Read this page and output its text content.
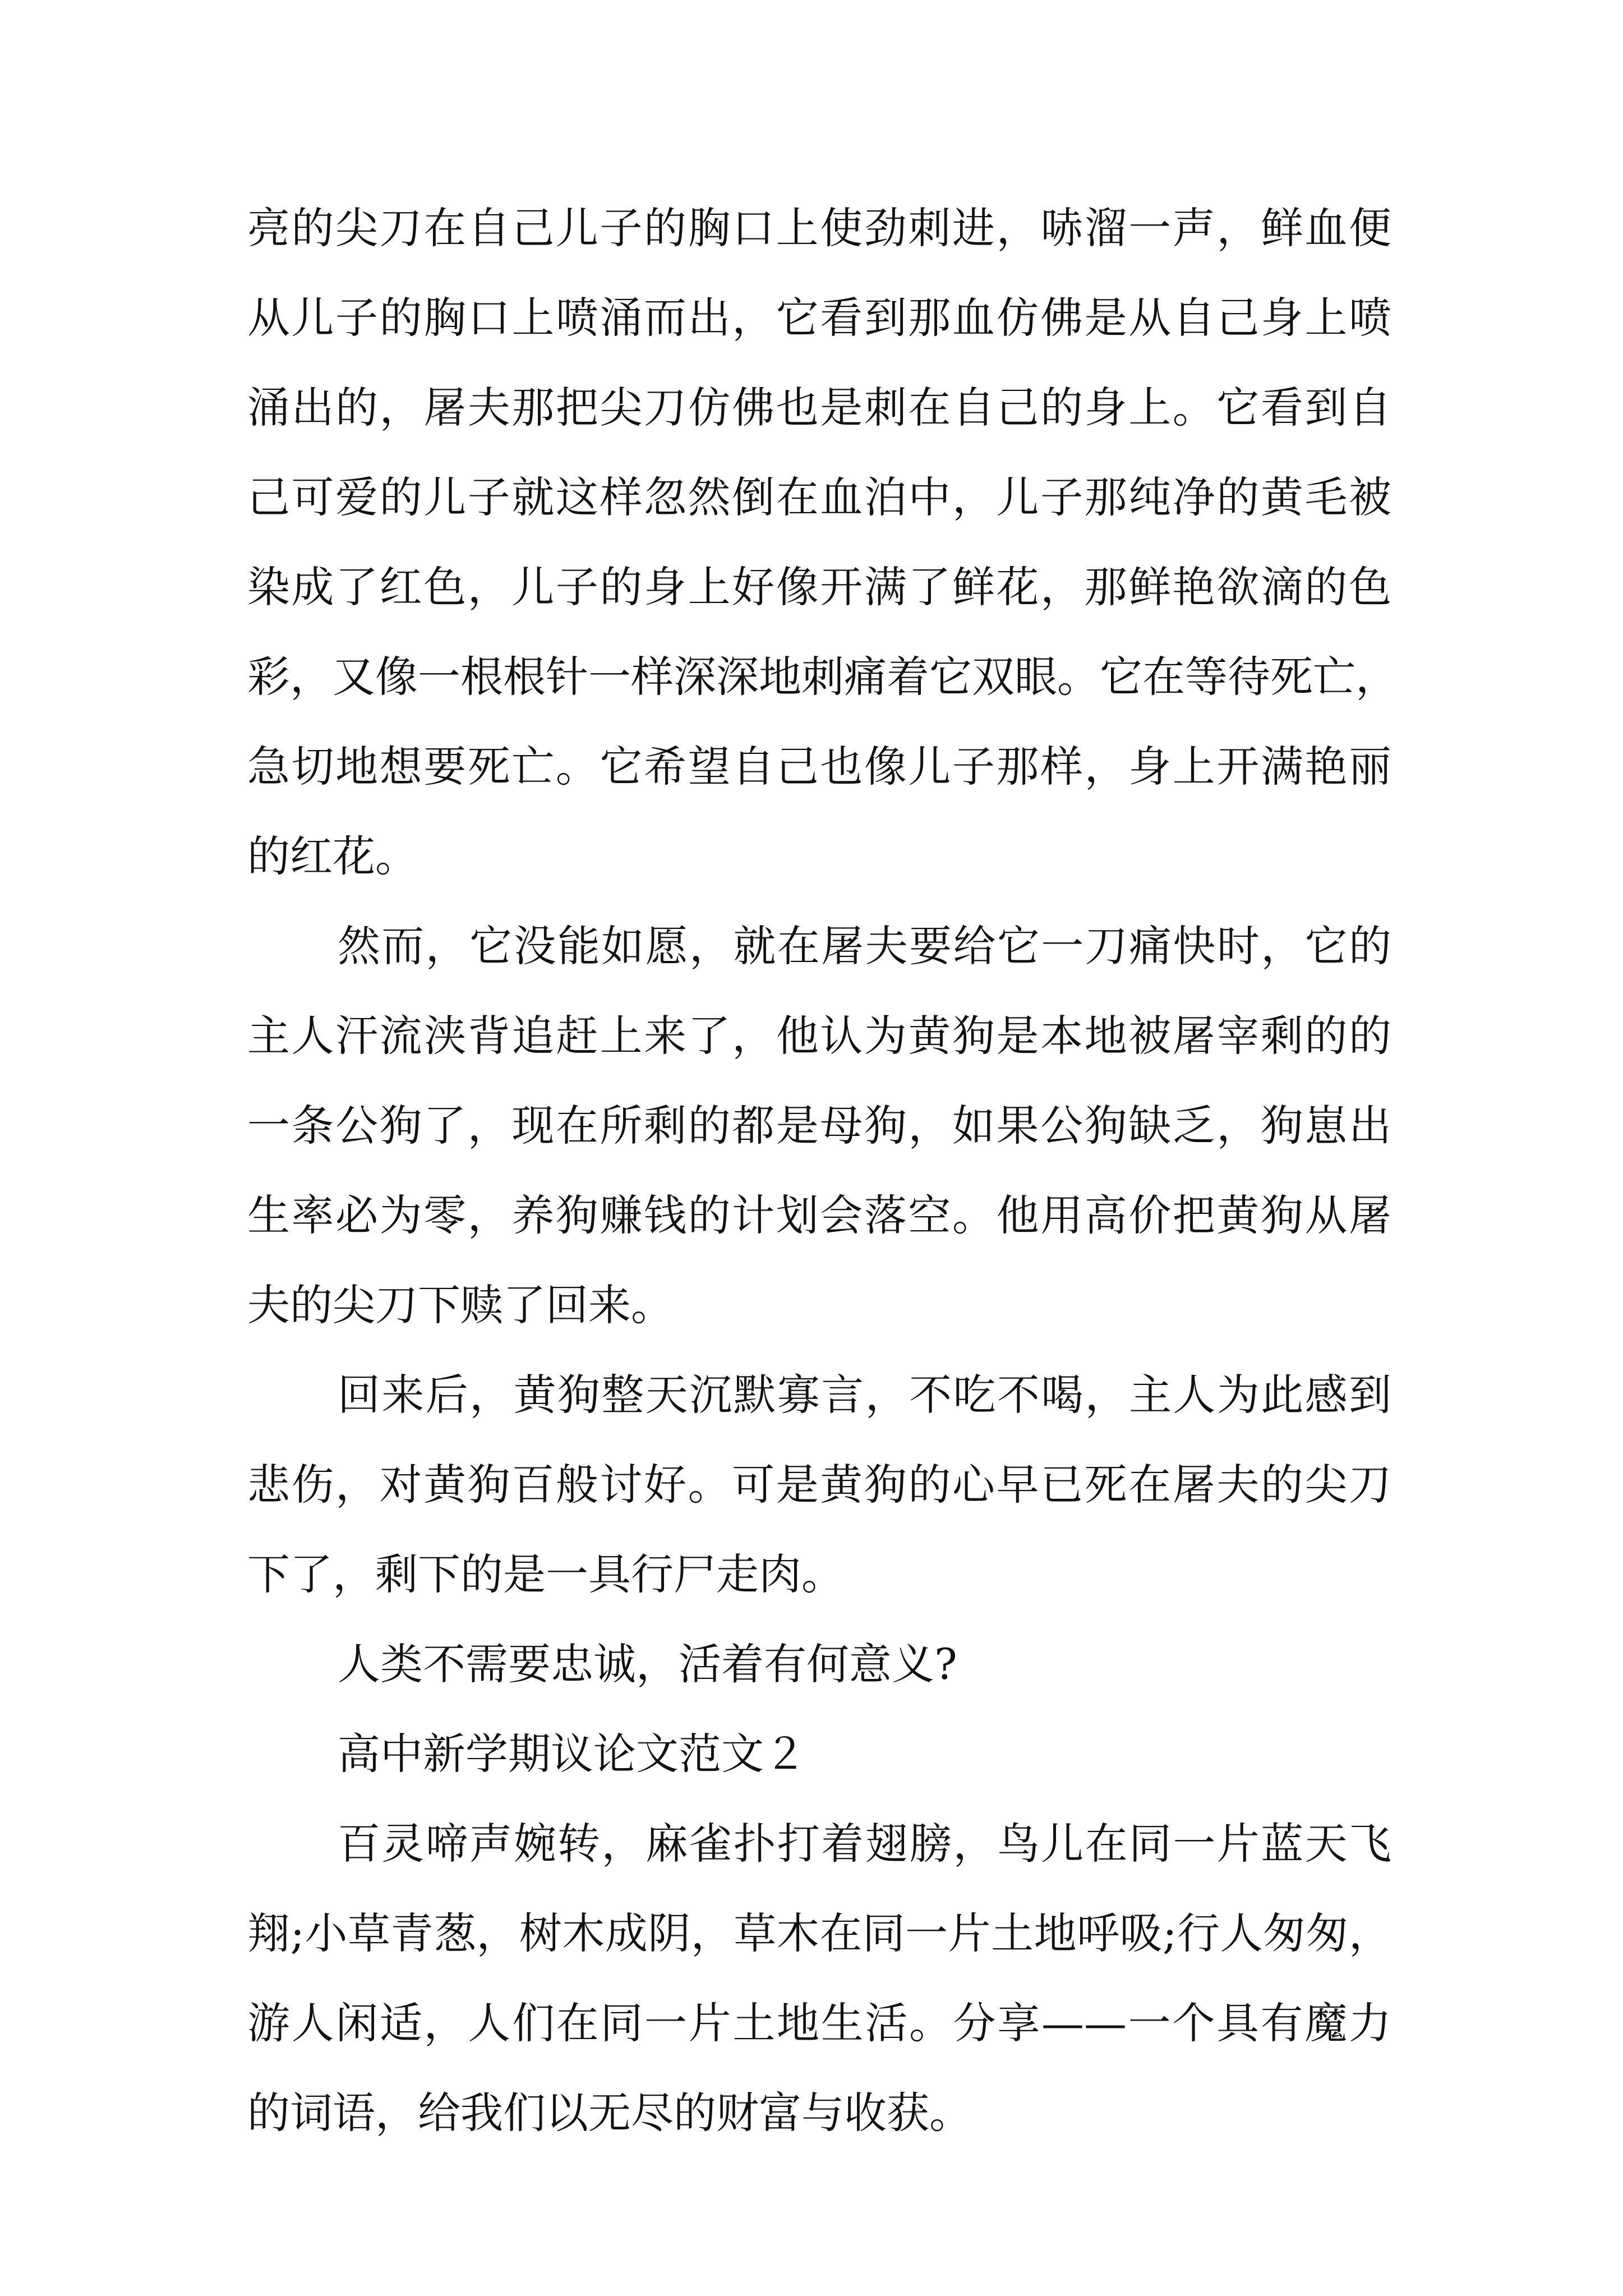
亮的尖刀在自己儿子的胸口上使劲刺进，哧溜一声，鲜血便
从儿子的胸口上喷涌而出，它看到那血仿佛是从自己身上喷
涌出的，屠夫那把尖刀仿佛也是刺在自己的身上。它看到自
己可爱的儿子就这样忽然倒在血泊中，儿子那纯净的黄毛被
染成了红色，儿子的身上好像开满了鲜花，那鲜艳欲滴的色
彩，又像一根根针一样深深地刺痛着它双眼。它在等待死亡，
急切地想要死亡。它希望自己也像儿子那样，身上开满艳丽
的红花。
然而，它没能如愿，就在屠夫要给它一刀痛快时，它的
主人汗流浃背追赶上来了，他认为黄狗是本地被屠宰剩的的
一条公狗了，现在所剩的都是母狗，如果公狗缺乏，狗崽出
生率必为零，养狗赚钱的计划会落空。他用高价把黄狗从屠
夫的尖刀下赎了回来。
回来后，黄狗整天沉默寡言，不吃不喝，主人为此感到
悲伤，对黄狗百般讨好。可是黄狗的心早已死在屠夫的尖刀
下了，剩下的是一具行尸走肉。
人类不需要忠诚，活着有何意义?
高中新学期议论文范文２
百灵啼声婉转，麻雀扑打着翅膀，鸟儿在同一片蓝天飞
翔;小草青葱，树木成阴，草木在同一片土地呼吸;行人匆匆，
游人闲适，人们在同一片土地生活。分享——一个具有魔力
的词语，给我们以无尽的财富与收获。
